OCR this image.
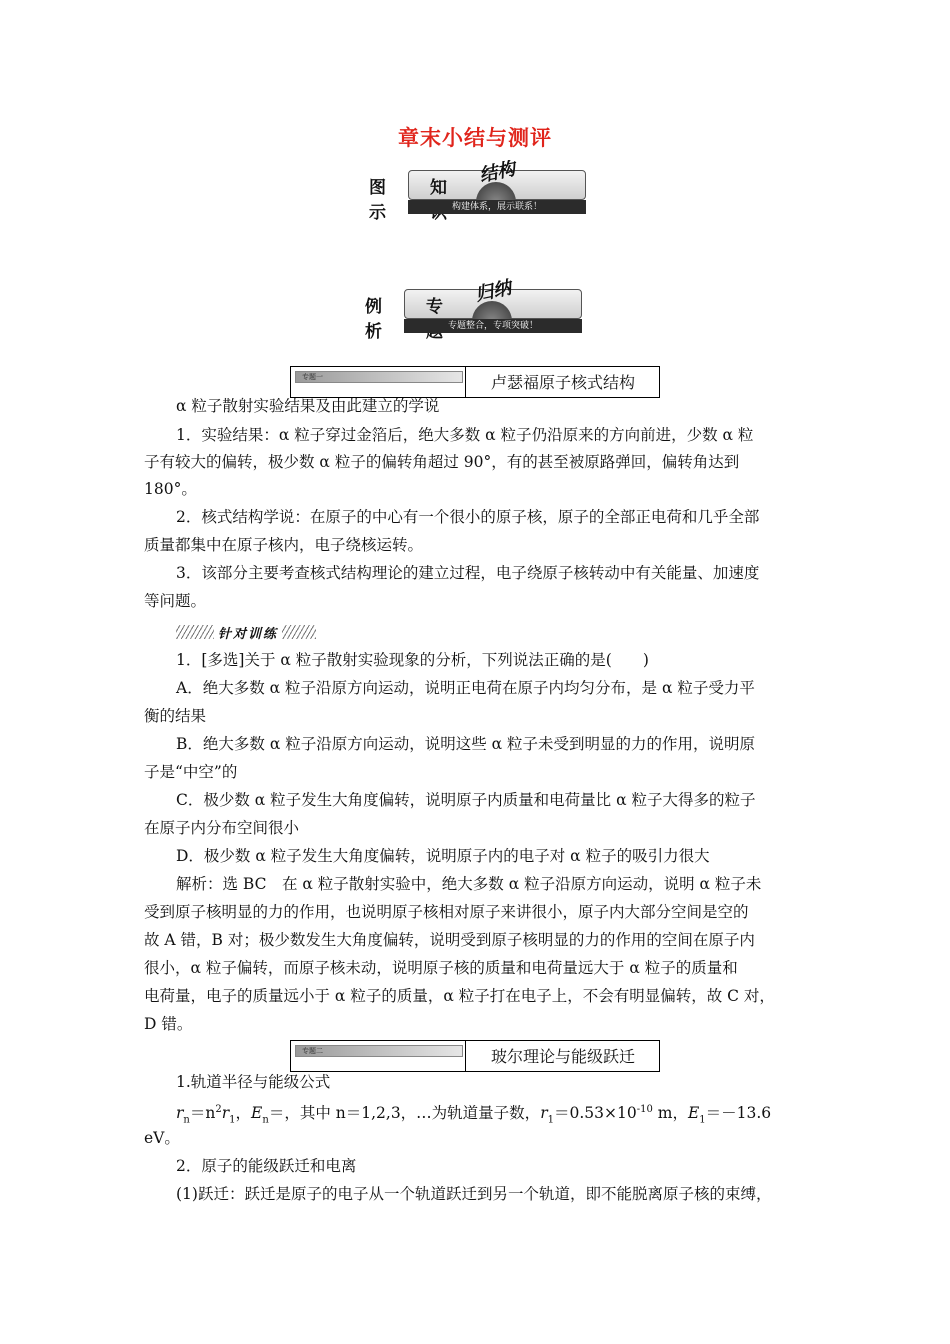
章末小结与测评
知
结构
图示	构建体系，展示联系！
专
归纳
例析	专题整合，专项突破！
专题一	卢瑟福原子核式结构
α 粒子散射实验结果及由此建立的学说
1．实验结果：α 粒子穿过金箔后，绝大多数 α 粒子仍沿原来的方向前进，少数 α 粒
子有较大的偏转，极少数 α 粒子的偏转角超过 90°，有的甚至被原路弹回，偏转角达到
180°。
2．核式结构学说：在原子的中心有一个很小的原子核，原子的全部正电荷和几乎全部
质量都集中在原子核内，电子绕核运转。
3．该部分主要考查核式结构理论的建立过程，电子绕原子核转动中有关能量、加速度
等问题。
针对训练
1．[多选]关于 α 粒子散射实验现象的分析，下列说法正确的是(　　)
A．绝大多数 α 粒子沿原方向运动，说明正电荷在原子内均匀分布，是 α 粒子受力平
衡的结果
B．绝大多数 α 粒子沿原方向运动，说明这些 α 粒子未受到明显的力的作用，说明原
子是“中空”的
C．极少数 α 粒子发生大角度偏转，说明原子内质量和电荷量比 α 粒子大得多的粒子
在原子内分布空间很小
D．极少数 α 粒子发生大角度偏转，说明原子内的电子对 α 粒子的吸引力很大
解析：选 BC　在 α 粒子散射实验中，绝大多数 α 粒子沿原方向运动，说明 α 粒子未
受到原子核明显的力的作用，也说明原子核相对原子来讲很小，原子内大部分空间是空的
故 A 错，B 对；极少数发生大角度偏转，说明受到原子核明显的力的作用的空间在原子内
很小，α 粒子偏转，而原子核未动，说明原子核的质量和电荷量远大于 α 粒子的质量和
电荷量，电子的质量远小于 α 粒子的质量，α 粒子打在电子上，不会有明显偏转，故 C 对，
D 错。
专题二	玻尔理论与能级跃迁
1.轨道半径与能级公式
$r_n=n^2r_1$，$E_n=$，其中 n＝1,2,3，…为轨道量子数，$r_1=0.53\times 10^{-10}$ m，$E_1=-13.6$
eV。
2．原子的能级跃迁和电离
(1)跃迁：跃迁是原子的电子从一个轨道跃迁到另一个轨道，即不能脱离原子核的束缚，
